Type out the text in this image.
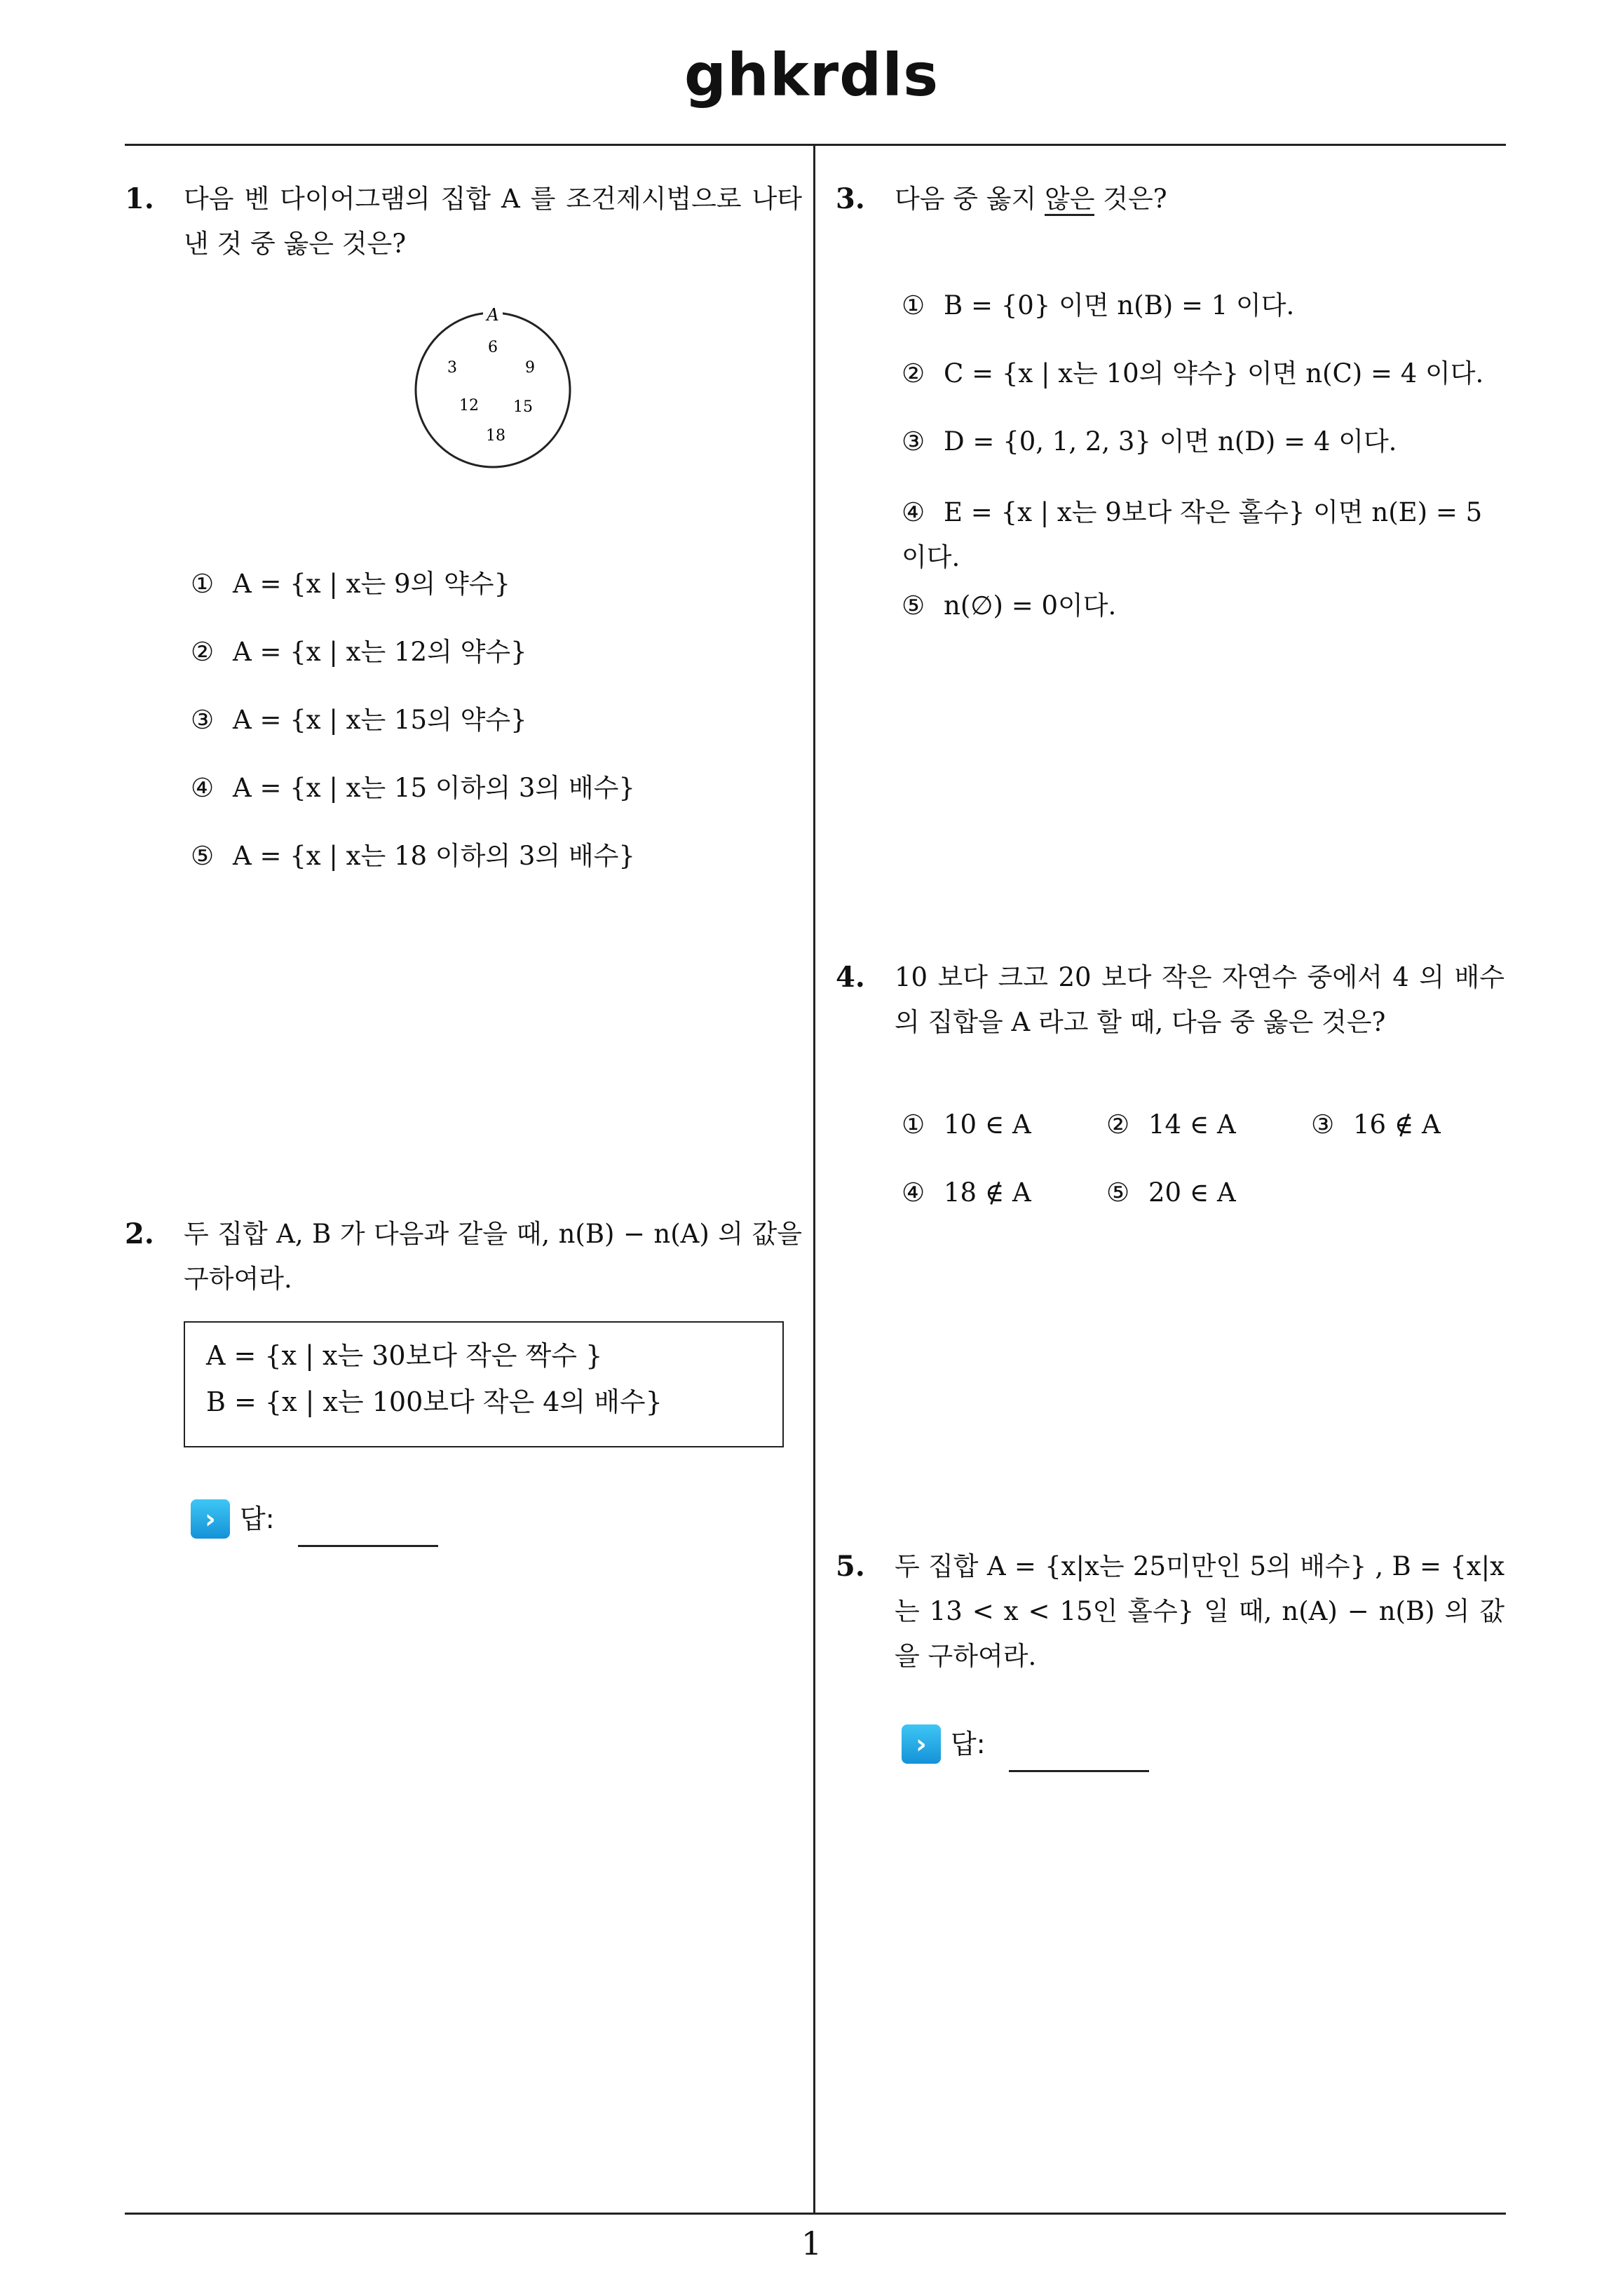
ghkrdls
1. 다음 벤 다이어그램의 집합 A 를 조건제시법으로 나타낸 것 중 옳은 것은?
A
6
3	9
12 15
18
① A = {x | x는 9의 약수}
② A = {x | x는 12의 약수}
③ A = {x | x는 15의 약수}
④ A = {x | x는 15 이하의 3의 배수}
⑤ A = {x | x는 18 이하의 3의 배수}
2. 두 집합 A, B 가 다음과 같을 때, n(B) − n(A) 의 값을 구하여라.
A = {x | x는 30보다 작은 짝수 }
B = {x | x는 100보다 작은 4의 배수}
› 답:
3. 다음 중 옳지 않은 것은?
① B = {0} 이면 n(B) = 1 이다.
② C = {x | x는 10의 약수} 이면 n(C) = 4 이다.
③ D = {0, 1, 2, 3} 이면 n(D) = 4 이다.
④ E = {x | x는 9보다 작은 홀수} 이면 n(E) = 5 이다.
⑤ n(∅) = 0이다.
4. 10 보다 크고 20 보다 작은 자연수 중에서 4 의 배수의 집합을 A 라고 할 때, 다음 중 옳은 것은?
① 10 ∈ A	② 14 ∈ A	③ 16 ∉ A
④ 18 ∉ A	⑤ 20 ∈ A
5. 두 집합 A = {x|x는 25미만인 5의 배수} , B = {x|x는 13 < x < 15인 홀수} 일 때, n(A) − n(B) 의 값을 구하여라.
› 답:
1
